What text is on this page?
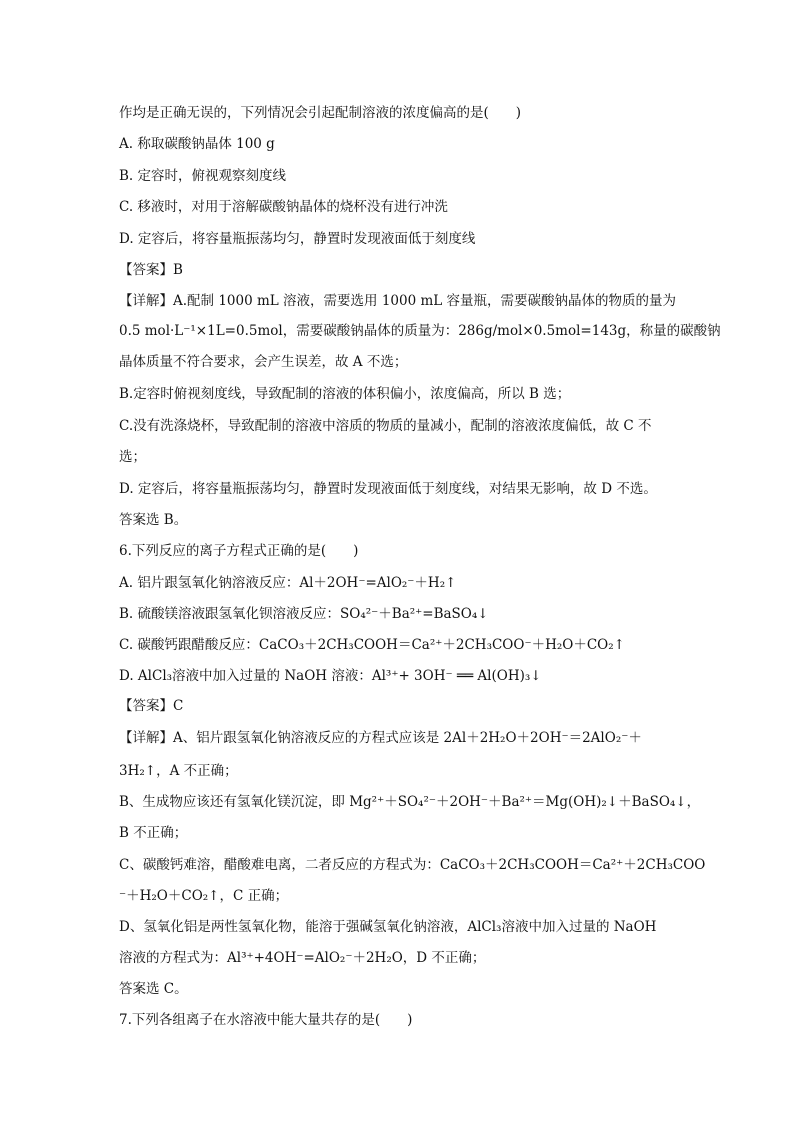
作均是正确无误的，下列情况会引起配制溶液的浓度偏高的是(　　)
A. 称取碳酸钠晶体 100 g
B. 定容时，俯视观察刻度线
C. 移液时，对用于溶解碳酸钠晶体的烧杯没有进行冲洗
D. 定容后，将容量瓶振荡均匀，静置时发现液面低于刻度线
【答案】B
【详解】A.配制 1000 mL 溶液，需要选用 1000 mL 容量瓶，需要碳酸钠晶体的物质的量为
0.5 mol·L⁻¹×1L=0.5mol，需要碳酸钠晶体的质量为：286g/mol×0.5mol=143g，称量的碳酸钠
晶体质量不符合要求，会产生误差，故 A 不选；
B.定容时俯视刻度线，导致配制的溶液的体积偏小，浓度偏高，所以 B 选；
C.没有洗涤烧杯，导致配制的溶液中溶质的物质的量减小，配制的溶液浓度偏低，故 C 不
选；
D. 定容后，将容量瓶振荡均匀，静置时发现液面低于刻度线，对结果无影响，故 D 不选。
答案选 B。
6.下列反应的离子方程式正确的是(　　)
A. 铝片跟氢氧化钠溶液反应：Al＋2OH⁻=AlO₂⁻＋H₂↑
B. 硫酸镁溶液跟氢氧化钡溶液反应：SO₄²⁻＋Ba²⁺=BaSO₄↓
C. 碳酸钙跟醋酸反应：CaCO₃＋2CH₃COOH＝Ca²⁺＋2CH₃COO⁻＋H₂O＋CO₂↑
D. AlCl₃溶液中加入过量的 NaOH 溶液：Al³⁺+ 3OH⁻ ══ Al(OH)₃↓
【答案】C
【详解】A、铝片跟氢氧化钠溶液反应的方程式应该是 2Al＋2H₂O＋2OH⁻＝2AlO₂⁻＋
3H₂↑，A 不正确；
B、生成物应该还有氢氧化镁沉淀，即 Mg²⁺＋SO₄²⁻＋2OH⁻＋Ba²⁺＝Mg(OH)₂↓＋BaSO₄↓，
B 不正确；
C、碳酸钙难溶，醋酸难电离，二者反应的方程式为：CaCO₃＋2CH₃COOH＝Ca²⁺＋2CH₃COO
⁻＋H₂O＋CO₂↑，C 正确；
D、氢氧化铝是两性氢氧化物，能溶于强碱氢氧化钠溶液，AlCl₃溶液中加入过量的 NaOH
溶液的方程式为：Al³⁺+4OH⁻=AlO₂⁻＋2H₂O，D 不正确；
答案选 C。
7.下列各组离子在水溶液中能大量共存的是(　　)
